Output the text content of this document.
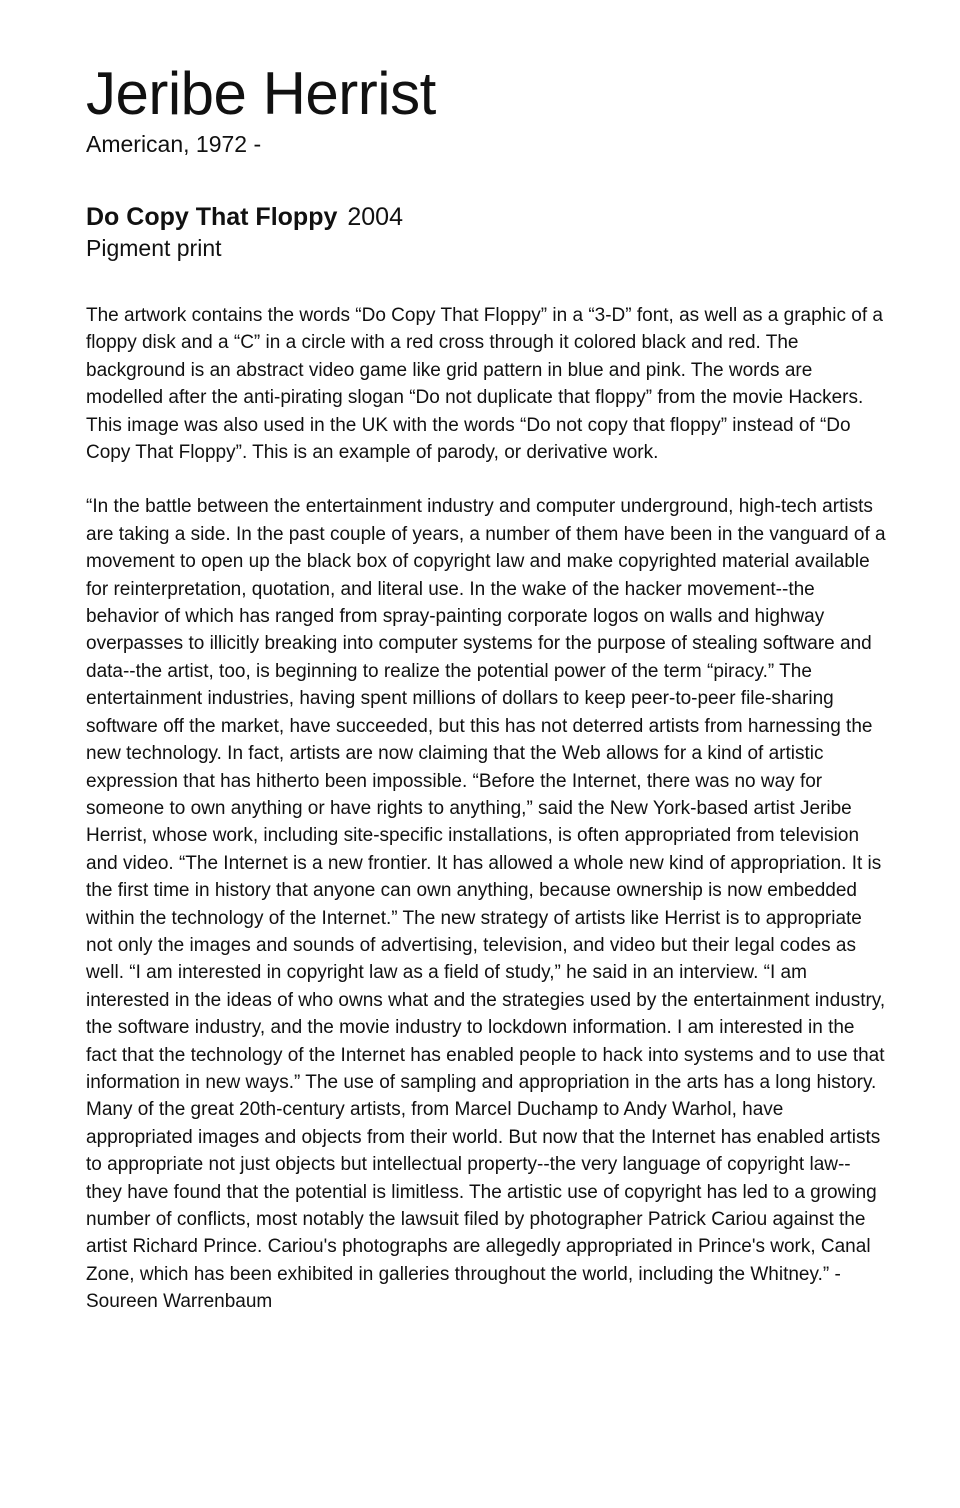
Jeribe Herrist

American, 1972 -

Do Copy That Floppy 2004

Pigment print

The artwork contains the words “Do Copy That Floppy” in a “3-D” font, as well as a graphic of a floppy disk and a “C” in a circle with a red cross through it colored black and red. The background is an abstract video game like grid pattern in blue and pink. The words are modelled after the anti-pirating slogan “Do not duplicate that floppy” from the movie Hackers. This image was also used in the UK with the words “Do not copy that floppy” instead of “Do Copy That Floppy”. This is an example of parody, or derivative work.

“In the battle between the entertainment industry and computer underground, high-tech artists are taking a side. In the past couple of years, a number of them have been in the vanguard of a movement to open up the black box of copyright law and make copyrighted material available for reinterpretation, quotation, and literal use. In the wake of the hacker movement--the behavior of which has ranged from spray-painting corporate logos on walls and highway overpasses to illicitly breaking into computer systems for the purpose of stealing software and data--the artist, too, is beginning to realize the potential power of the term “piracy.” The entertainment industries, having spent millions of dollars to keep peer-to-peer file-sharing software off the market, have succeeded, but this has not deterred artists from harnessing the new technology. In fact, artists are now claiming that the Web allows for a kind of artistic expression that has hitherto been impossible. “Before the Internet, there was no way for someone to own anything or have rights to anything,” said the New York-based artist Jeribe Herrist, whose work, including site-specific installations, is often appropriated from television and video. “The Internet is a new frontier. It has allowed a whole new kind of appropriation. It is the first time in history that anyone can own anything, because ownership is now embedded within the technology of the Internet.” The new strategy of artists like Herrist is to appropriate not only the images and sounds of advertising, television, and video but their legal codes as well. “I am interested in copyright law as a field of study,” he said in an interview. “I am interested in the ideas of who owns what and the strategies used by the entertainment industry, the software industry, and the movie industry to lockdown information. I am interested in the fact that the technology of the Internet has enabled people to hack into systems and to use that information in new ways.” The use of sampling and appropriation in the arts has a long history. Many of the great 20th-century artists, from Marcel Duchamp to Andy Warhol, have appropriated images and objects from their world. But now that the Internet has enabled artists to appropriate not just objects but intellectual property--the very language of copyright law--they have found that the potential is limitless. The artistic use of copyright has led to a growing number of conflicts, most notably the lawsuit filed by photographer Patrick Cariou against the artist Richard Prince. Cariou's photographs are allegedly appropriated in Prince's work, Canal Zone, which has been exhibited in galleries throughout the world, including the Whitney.” - Soureen Warrenbaum
